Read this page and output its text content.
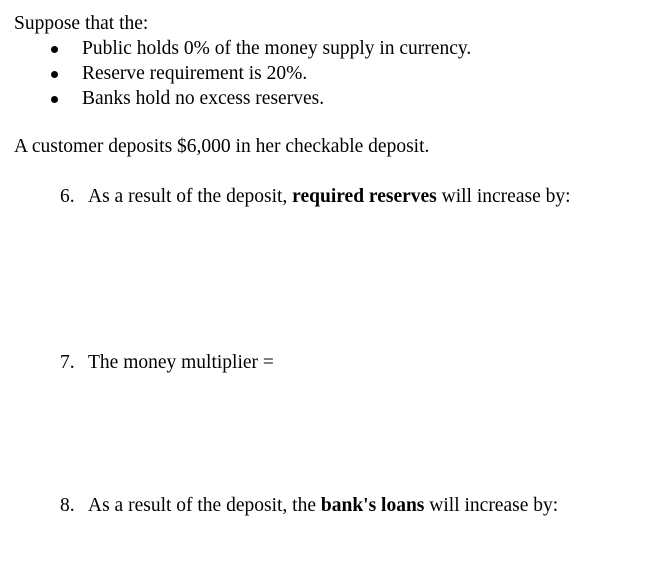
Suppose that the:
Public holds 0% of the money supply in currency.
Reserve requirement is 20%.
Banks hold no excess reserves.
A customer deposits $6,000 in her checkable deposit.
6. As a result of the deposit, required reserves will increase by:
7. The money multiplier =
8. As a result of the deposit, the bank's loans will increase by:
